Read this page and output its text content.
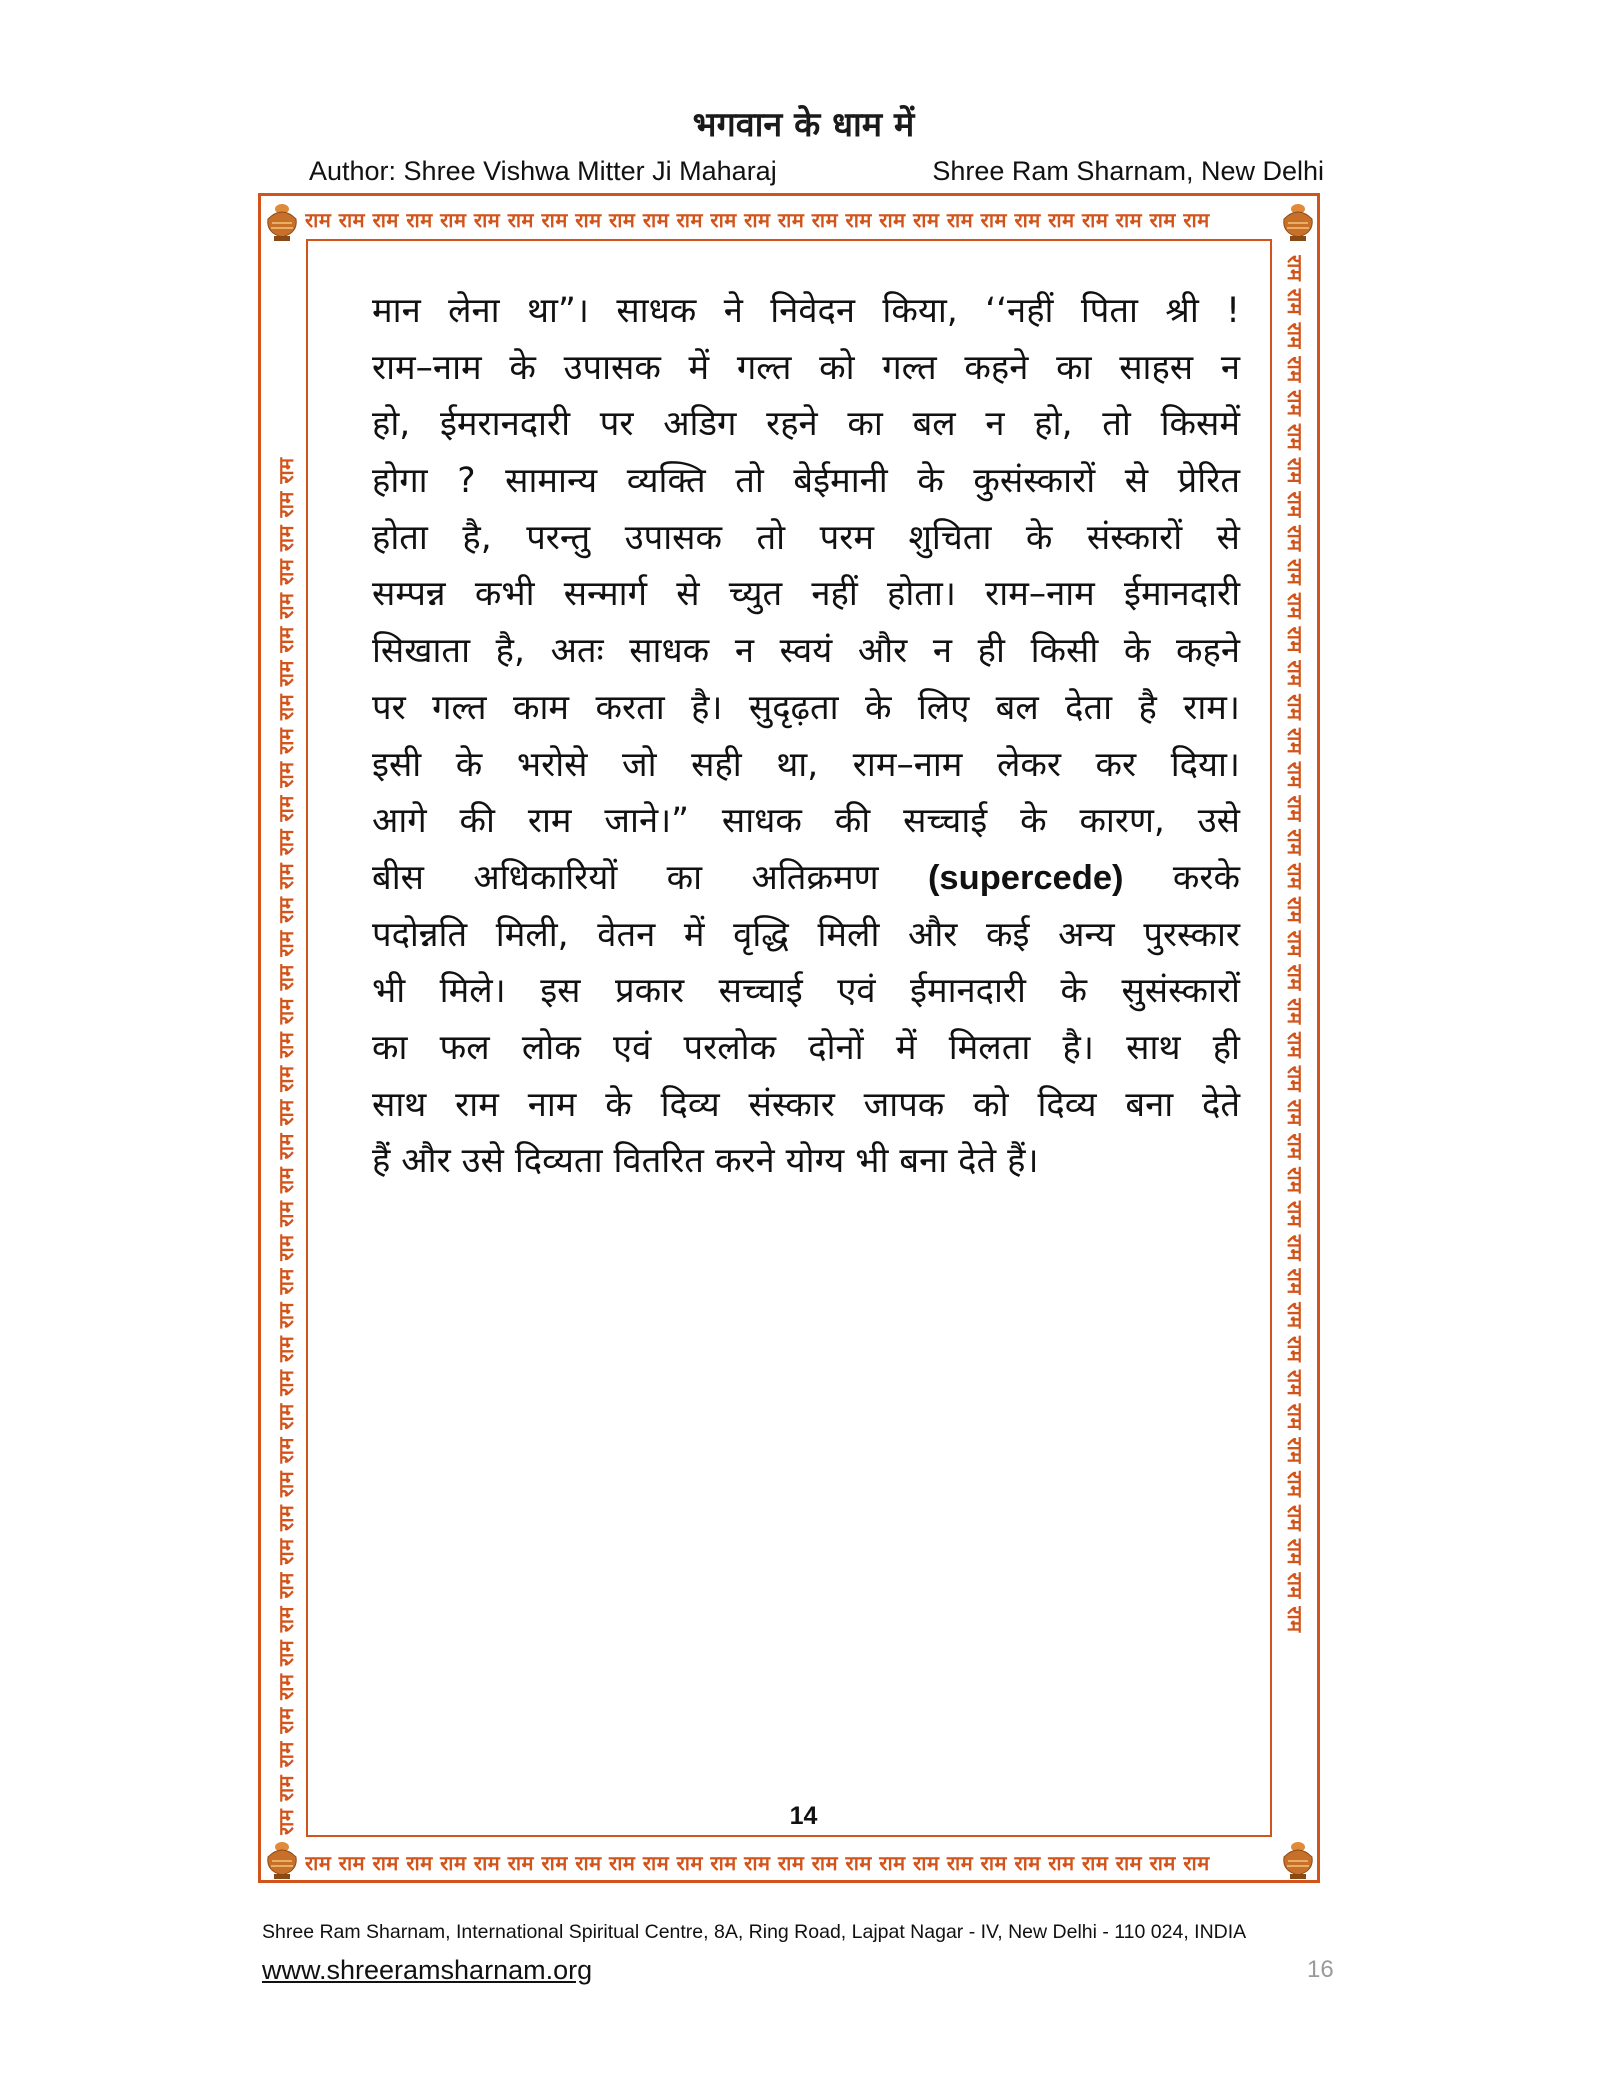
भगवान के धाम में
Author: Shree Vishwa Mitter Ji Maharaj	Shree Ram Sharnam, New Delhi
राम राम राम राम राम राम राम राम राम राम राम राम राम राम राम राम राम राम राम राम राम राम राम राम राम राम राम
राम राम राम राम राम राम राम राम राम राम राम राम राम राम राम राम राम राम राम राम राम राम राम राम राम राम राम
राम राम राम राम राम राम राम राम राम राम राम राम राम राम राम राम राम राम राम राम राम राम राम राम राम राम राम राम राम राम राम राम राम राम राम राम राम राम राम राम राम	राम राम राम राम राम राम राम राम राम राम राम राम राम राम राम राम राम राम राम राम राम राम राम राम राम राम राम राम राम राम राम राम राम राम राम राम राम राम राम राम राम
मान लेना था”। साधक ने निवेदन किया, ‘‘नहीं पिता श्री !
राम–नाम के उपासक में गल्त को गल्त कहने का साहस न
हो, ईमरानदारी पर अडिग रहने का बल न हो, तो किसमें
होगा ? सामान्य व्यक्ति तो बेईमानी के कुसंस्कारों से प्रेरित
होता है, परन्तु उपासक तो परम शुचिता के संस्कारों से
सम्पन्न कभी सन्मार्ग से च्युत नहीं होता। राम–नाम ईमानदारी
सिखाता है, अतः साधक न स्वयं और न ही किसी के कहने
पर गल्त काम करता है। सुदृढ़ता के लिए बल देता है राम।
इसी के भरोसे जो सही था, राम–नाम लेकर कर दिया।
आगे की राम जाने।” साधक की सच्चाई के कारण, उसे
बीस अधिकारियों का अतिक्रमण (supercede) करके
पदोन्नति मिली, वेतन में वृद्धि मिली और कई अन्य पुरस्कार
भी मिले। इस प्रकार सच्चाई एवं ईमानदारी के सुसंस्कारों
का फल लोक एवं परलोक दोनों में मिलता है। साथ ही
साथ राम नाम के दिव्य संस्कार जापक को दिव्य बना देते
हैं और उसे दिव्यता वितरित करने योग्य भी बना देते हैं।
14
Shree Ram Sharnam, International Spiritual Centre, 8A, Ring Road, Lajpat Nagar - IV, New Delhi - 110 024, INDIA
www.shreeramsharnam.org	16
